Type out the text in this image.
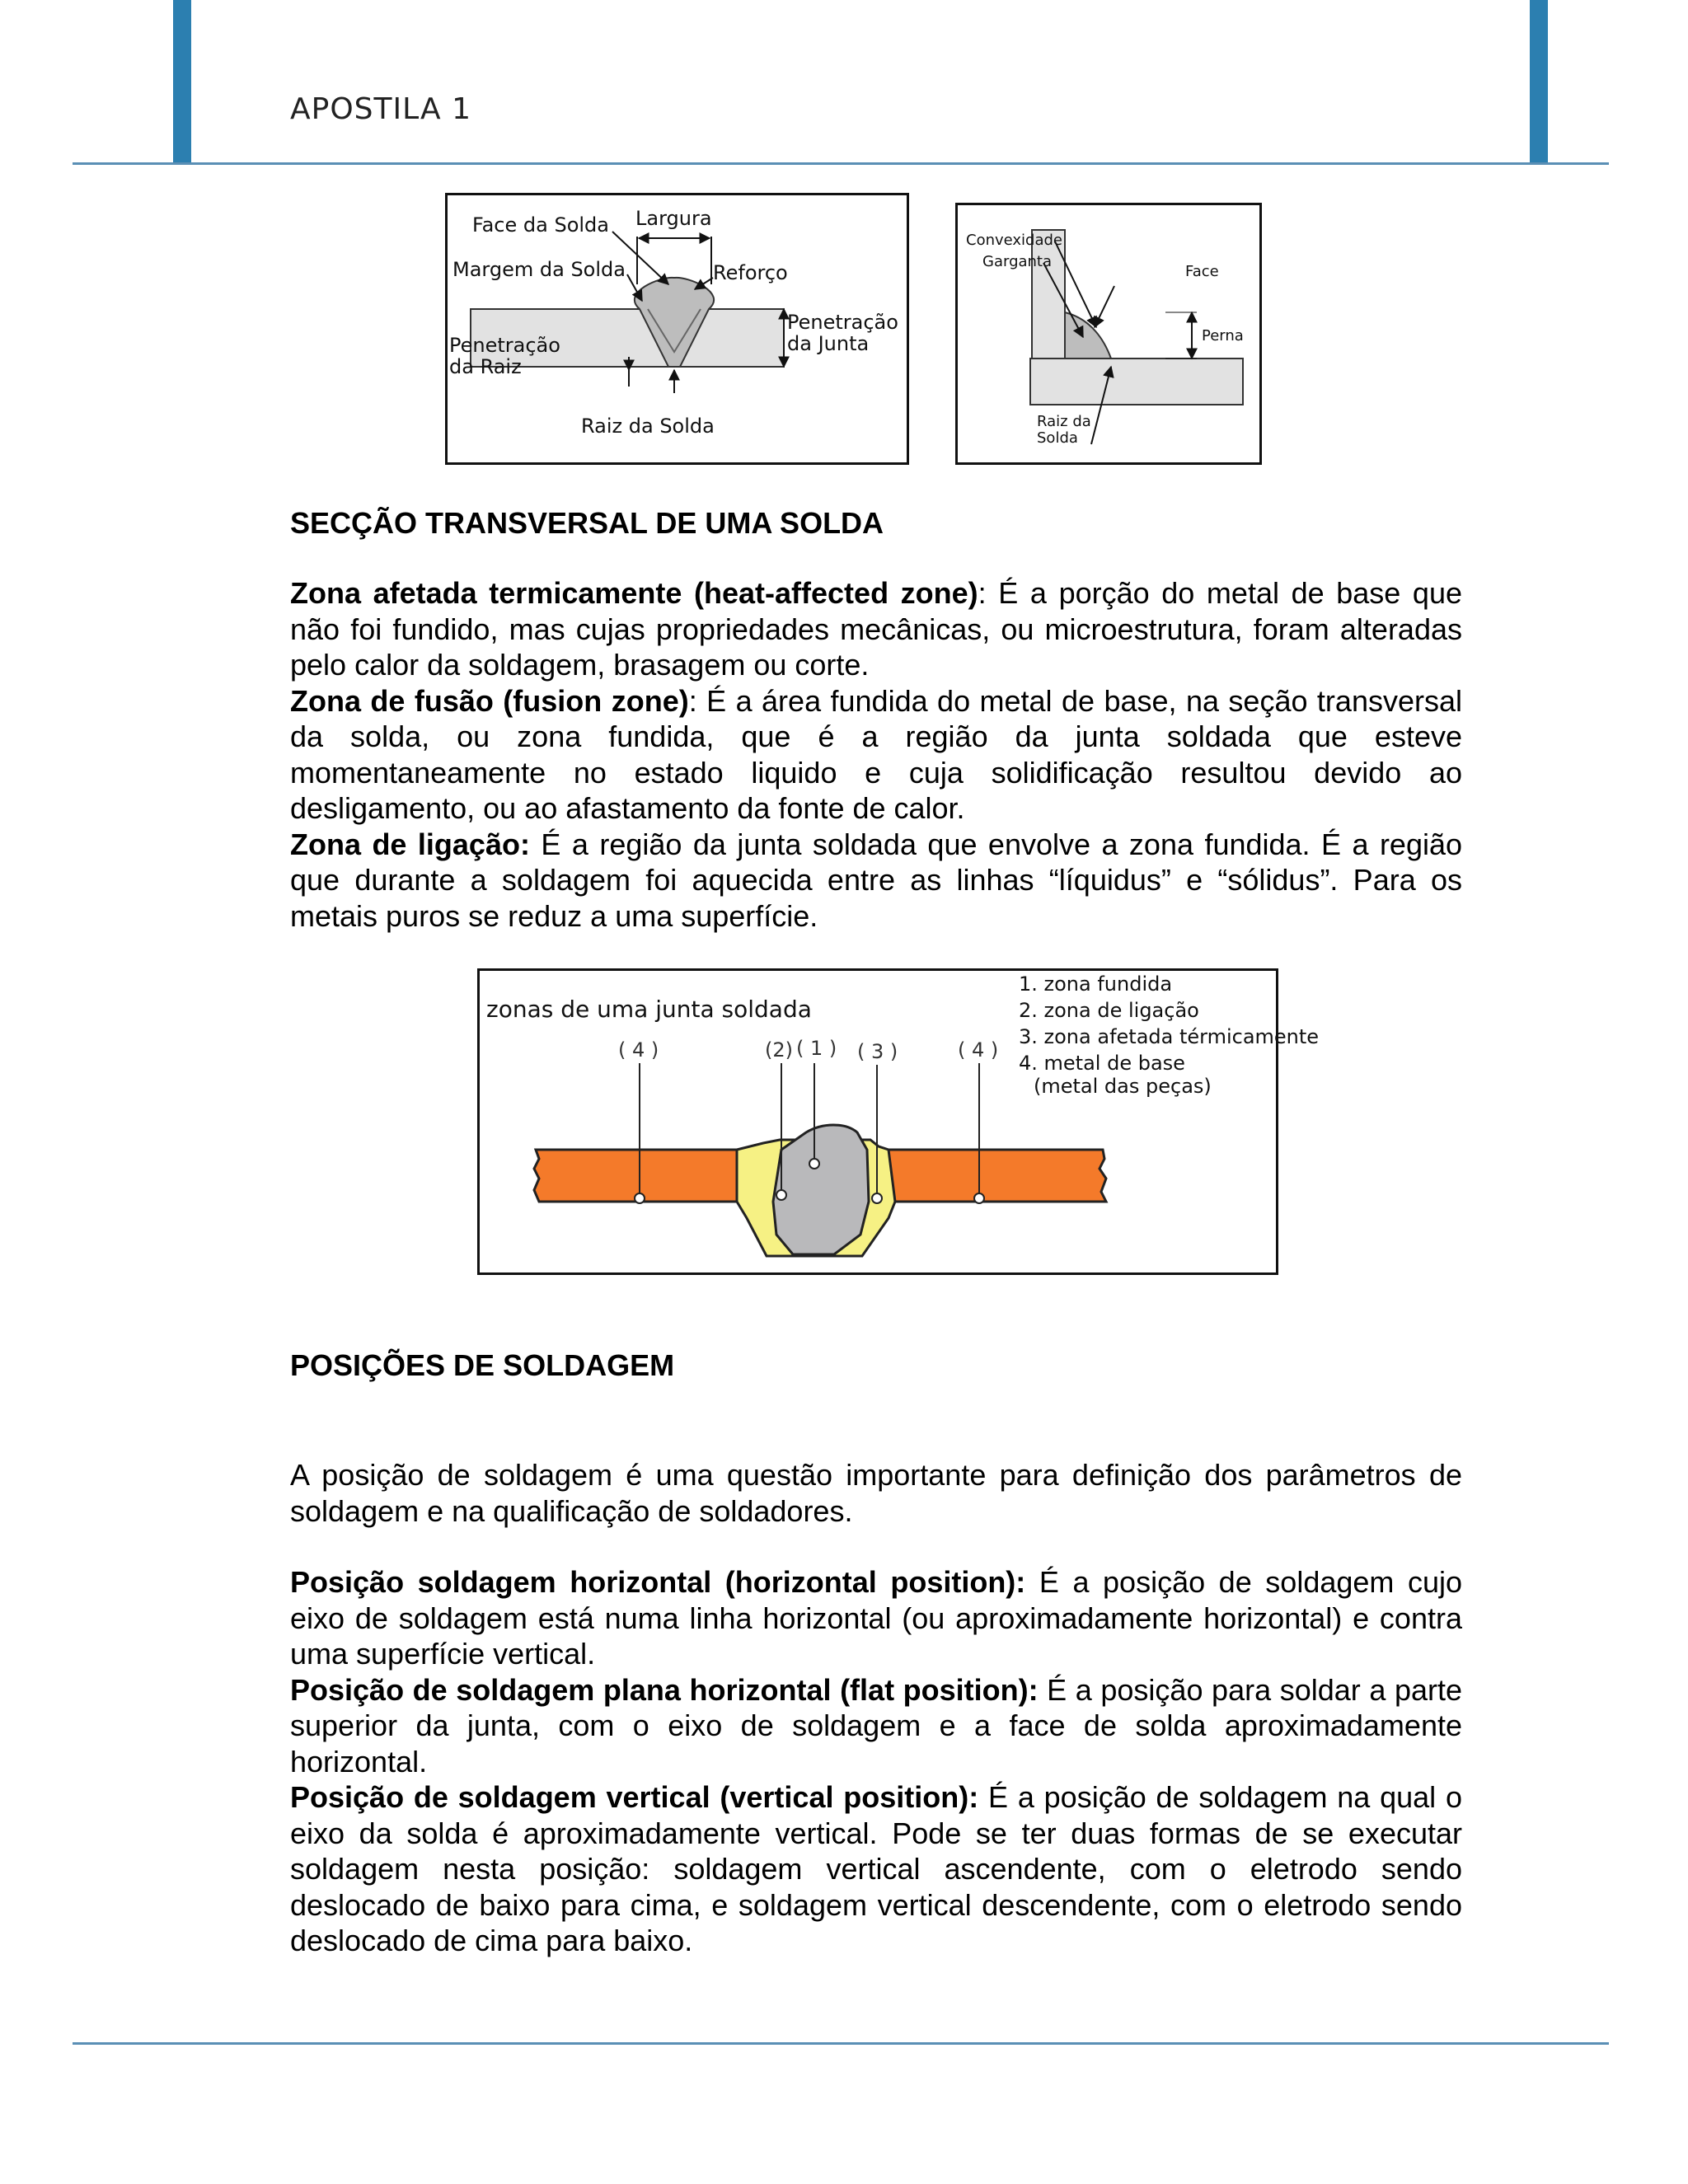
APOSTILA 1
Face da Solda Largura
Margem da Solda	Reforço
Penetração
da Junta
Penetração
da Raiz
Raiz da Solda
Convexidade
Garganta
Face
Perna
Raiz da
Solda
SECÇÃO TRANSVERSAL DE UMA SOLDA

Zona afetada termicamente (heat-affected zone): É a porção do metal de base que não foi fundido, mas cujas propriedades mecânicas, ou microestrutura, foram alteradas pelo calor da soldagem, brasagem ou corte.

Zona de fusão (fusion zone): É a área fundida do metal de base, na seção transversal da solda, ou zona fundida, que é a região da junta soldada que esteve momentaneamente no estado liquido e cuja solidificação resultou devido ao desligamento, ou ao afastamento da fonte de calor.

Zona de ligação: É a região da junta soldada que envolve a zona fundida. É a região que durante a soldagem foi aquecida entre as linhas “líquidus” e “sólidus”. Para os metais puros se reduz a uma superfície.

zonas de uma junta soldada
( 4 )	(2) ( 1 ) ( 3 )	( 4 )
1. zona fundida
2. zona de ligação
3. zona afetada térmicamente
4. metal de base
(metal das peças)
POSIÇÕES DE SOLDAGEM

A posição de soldagem é uma questão importante para definição dos parâmetros de soldagem e na qualificação de soldadores.

Posição soldagem horizontal (horizontal position): É a posição de soldagem cujo eixo de soldagem está numa linha horizontal (ou aproximadamente horizontal) e contra uma superfície vertical.

Posição de soldagem plana horizontal (flat position): É a posição para soldar a parte superior da junta, com o eixo de soldagem e a face de solda aproximadamente horizontal.

Posição de soldagem vertical (vertical position): É a posição de soldagem na qual o eixo da solda é aproximadamente vertical. Pode se ter duas formas de se executar soldagem nesta posição: soldagem vertical ascendente, com o eletrodo sendo deslocado de baixo para cima, e soldagem vertical descendente, com o eletrodo sendo deslocado de cima para baixo.
